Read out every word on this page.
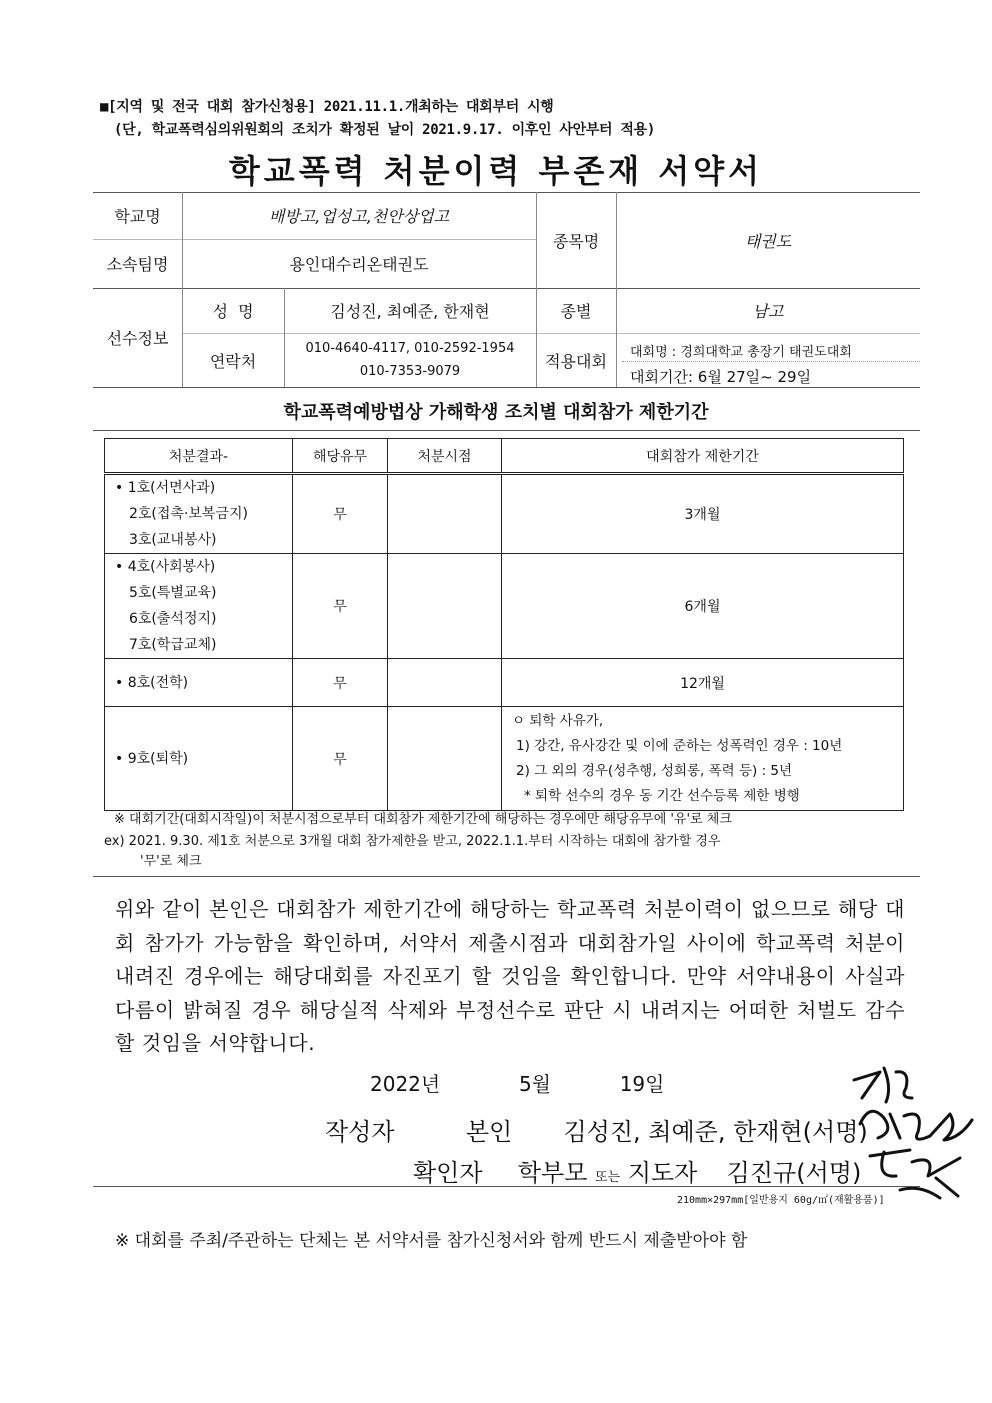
■[지역 및 전국 대회 참가신청용] 2021.11.1.개최하는 대회부터 시행
(단, 학교폭력심의위원회의 조치가 확정된 날이 2021.9.17. 이후인 사안부터 적용)
학교폭력 처분이력 부존재 서약서
학교명	배방고,업성고,천안상업고
소속팀명	용인대수리온태권도
종목명	태권도
선수정보
성  명	김성진, 최예준, 한재현	종별	남고
연락처
010-4640-4117, 010-2592-1954
010-7353-9079
적용대회	대회명 : 경희대학교 총장기 태권도대회
대회기간: 6월 27일~ 29일
학교폭력예방법상 가해학생 조치별 대회참가 제한기간
처분결과-	해당유무	처분시점	대회참가 제한기간

• 1호(서면사과)
2호(접촉·보복금지)
3호(교내봉사)	무		3개월

• 4호(사회봉사)
5호(특별교육)
6호(출석정지)
7호(학급교체)	무		6개월

• 8호(전학)	무		12개월

• 9호(퇴학)	무		ㅇ 퇴학 사유가,
1) 강간, 유사강간 및 이에 준하는 성폭력인 경우 : 10년
2) 그 외의 경우(성추행, 성희롱, 폭력 등) : 5년
* 퇴학 선수의 경우 동 기간 선수등록 제한 병행
※ 대회기간(대회시작일)이 처분시점으로부터 대회참가 제한기간에 해당하는 경우에만 해당유무에 '유'로 체크
ex) 2021. 9.30. 제1호 처분으로 3개월 대회 참가제한을 받고, 2022.1.1.부터 시작하는 대회에 참가할 경우
'무'로 체크
위와 같이 본인은 대회참가 제한기간에 해당하는 학교폭력 처분이력이 없으므로 해당 대회 참가가 가능함을 확인하며, 서약서 제출시점과 대회참가일 사이에 학교폭력 처분이 내려진 경우에는 해당대회를 자진포기 할 것임을 확인합니다. 만약 서약내용이 사실과 다름이 밝혀질 경우 해당실적 삭제와 부정선수로 판단 시 내려지는 어떠한 처벌도 감수할 것임을 서약합니다.
2022년	5월	19일
작성자	본인 김성진, 최예준, 한재현(서명)
확인자 학부모 또는 지도자 김진규(서명)
210mm×297mm[일반용지 60g/㎡(재활용품)]
※ 대회를 주최/주관하는 단체는 본 서약서를 참가신청서와 함께 반드시 제출받아야 함
